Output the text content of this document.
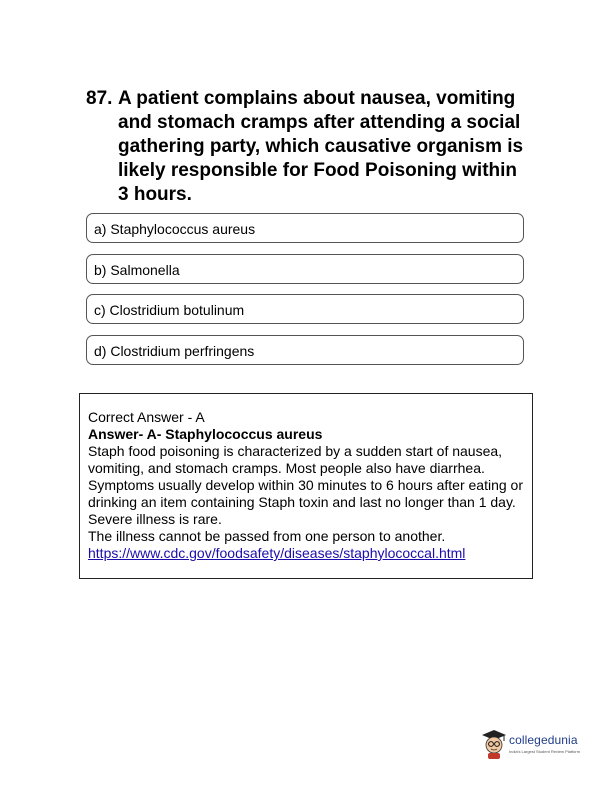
87. A patient complains about nausea, vomiting and stomach cramps after attending a social gathering party, which causative organism is likely responsible for Food Poisoning within 3 hours.
a) Staphylococcus aureus
b) Salmonella
c) Clostridium botulinum
d) Clostridium perfringens
Correct Answer - A
Answer- A- Staphylococcus aureus
Staph food poisoning is characterized by a sudden start of nausea, vomiting, and stomach cramps. Most people also have diarrhea. Symptoms usually develop within 30 minutes to 6 hours after eating or drinking an item containing Staph toxin and last no longer than 1 day. Severe illness is rare.
The illness cannot be passed from one person to another.
https://www.cdc.gov/foodsafety/diseases/staphylococcal.html
collegedunia
India's Largest Student Review Platform
